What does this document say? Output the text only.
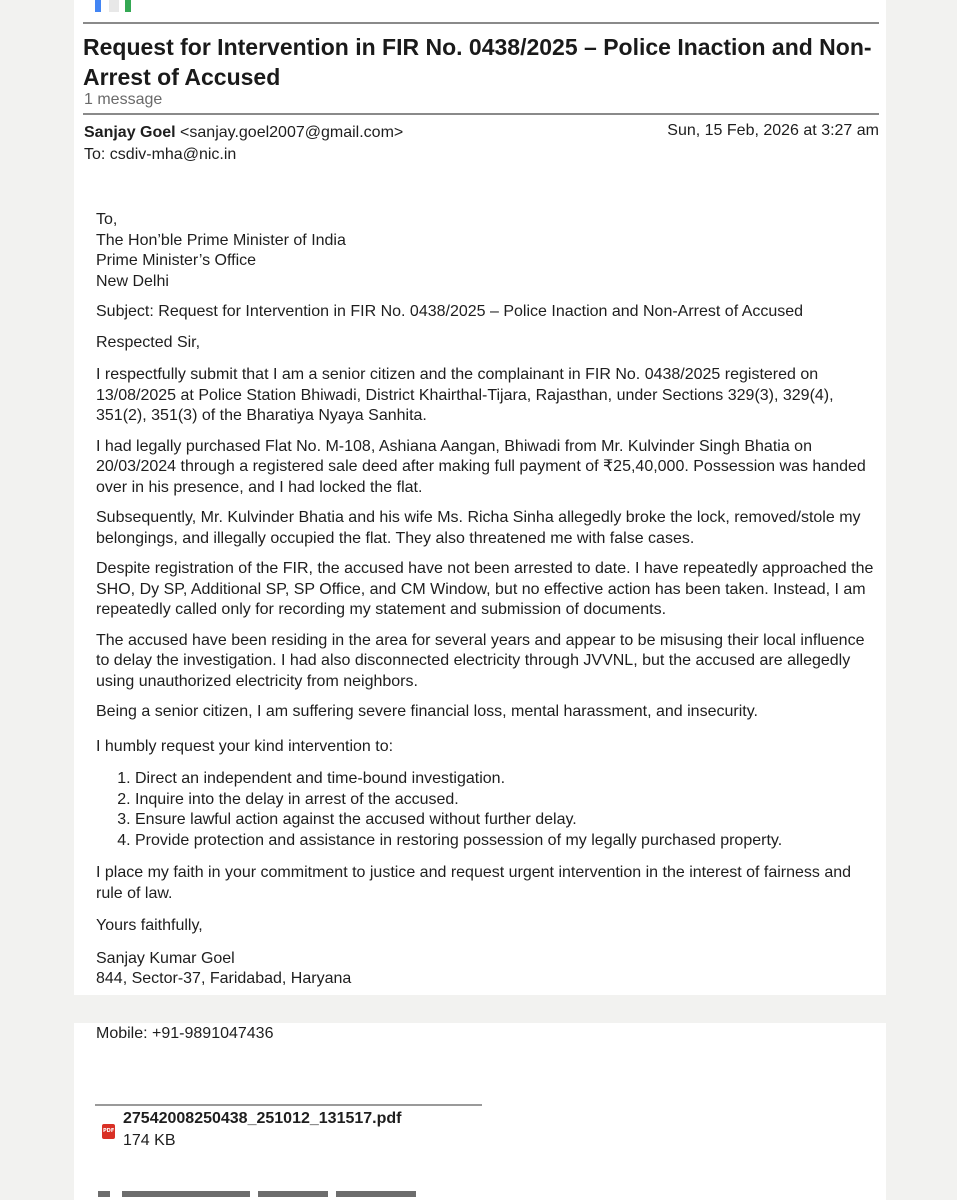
Request for Intervention in FIR No. 0438/2025 – Police Inaction and Non-Arrest of Accused
1 message
Sanjay Goel <sanjay.goel2007@gmail.com>
To: csdiv-mha@nic.in
Sun, 15 Feb, 2026 at 3:27 am
To,
The Hon’ble Prime Minister of India
Prime Minister’s Office
New Delhi

Subject: Request for Intervention in FIR No. 0438/2025 – Police Inaction and Non-Arrest of Accused

Respected Sir,

I respectfully submit that I am a senior citizen and the complainant in FIR No. 0438/2025 registered on 13/08/2025 at Police Station Bhiwadi, District Khairthal-Tijara, Rajasthan, under Sections 329(3), 329(4), 351(2), 351(3) of the Bharatiya Nyaya Sanhita.

I had legally purchased Flat No. M-108, Ashiana Aangan, Bhiwadi from Mr. Kulvinder Singh Bhatia on 20/03/2024 through a registered sale deed after making full payment of ₹25,40,000. Possession was handed over in his presence, and I had locked the flat.

Subsequently, Mr. Kulvinder Bhatia and his wife Ms. Richa Sinha allegedly broke the lock, removed/stole my belongings, and illegally occupied the flat. They also threatened me with false cases.

Despite registration of the FIR, the accused have not been arrested to date. I have repeatedly approached the SHO, Dy SP, Additional SP, SP Office, and CM Window, but no effective action has been taken. Instead, I am repeatedly called only for recording my statement and submission of documents.

The accused have been residing in the area for several years and appear to be misusing their local influence to delay the investigation. I had also disconnected electricity through JVVNL, but the accused are allegedly using unauthorized electricity from neighbors.

Being a senior citizen, I am suffering severe financial loss, mental harassment, and insecurity.

I humbly request your kind intervention to:

1. Direct an independent and time-bound investigation.
2. Inquire into the delay in arrest of the accused.
3. Ensure lawful action against the accused without further delay.
4. Provide protection and assistance in restoring possession of my legally purchased property.

I place my faith in your commitment to justice and request urgent intervention in the interest of fairness and rule of law.

Yours faithfully,

Sanjay Kumar Goel
844, Sector-37, Faridabad, Haryana
Mobile: +91-9891047436
PDF
27542008250438_251012_131517.pdf
174 KB
